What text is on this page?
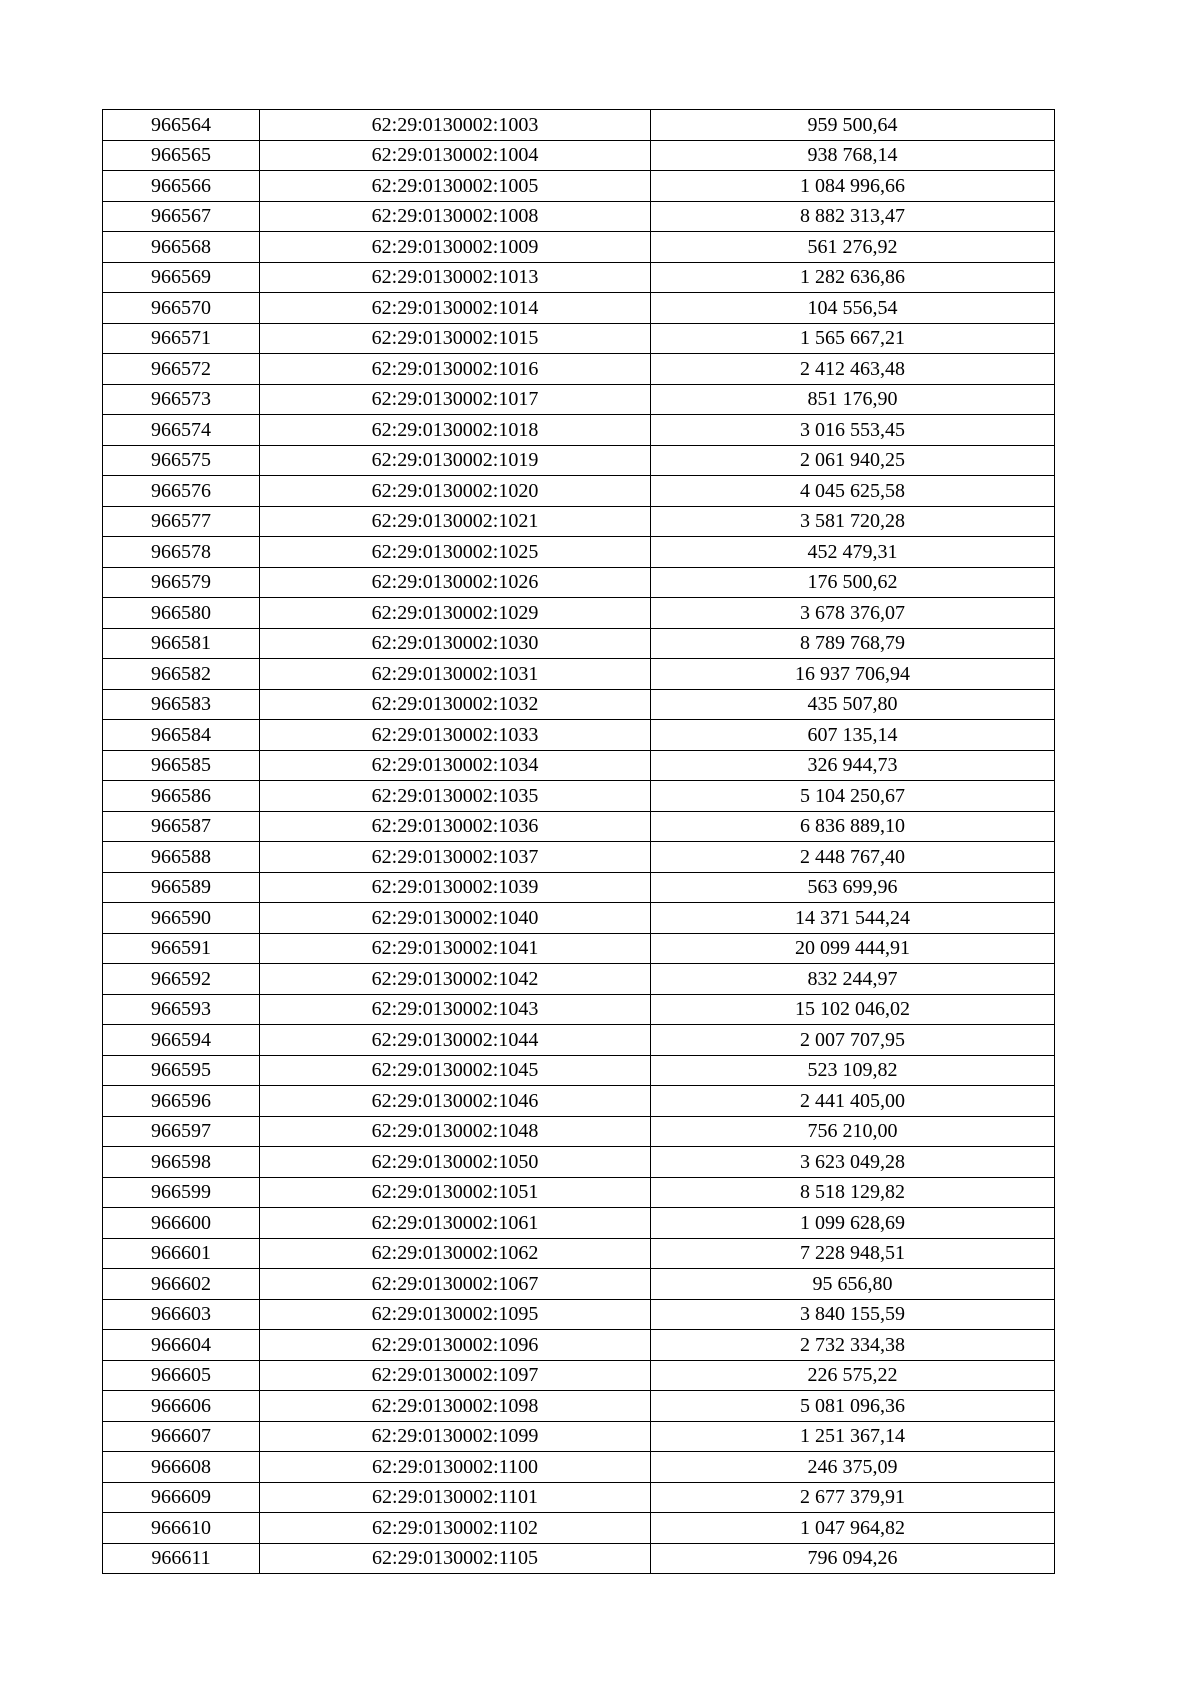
966564	62:29:0130002:1003	959 500,64
966565	62:29:0130002:1004	938 768,14
966566	62:29:0130002:1005	1 084 996,66
966567	62:29:0130002:1008	8 882 313,47
966568	62:29:0130002:1009	561 276,92
966569	62:29:0130002:1013	1 282 636,86
966570	62:29:0130002:1014	104 556,54
966571	62:29:0130002:1015	1 565 667,21
966572	62:29:0130002:1016	2 412 463,48
966573	62:29:0130002:1017	851 176,90
966574	62:29:0130002:1018	3 016 553,45
966575	62:29:0130002:1019	2 061 940,25
966576	62:29:0130002:1020	4 045 625,58
966577	62:29:0130002:1021	3 581 720,28
966578	62:29:0130002:1025	452 479,31
966579	62:29:0130002:1026	176 500,62
966580	62:29:0130002:1029	3 678 376,07
966581	62:29:0130002:1030	8 789 768,79
966582	62:29:0130002:1031	16 937 706,94
966583	62:29:0130002:1032	435 507,80
966584	62:29:0130002:1033	607 135,14
966585	62:29:0130002:1034	326 944,73
966586	62:29:0130002:1035	5 104 250,67
966587	62:29:0130002:1036	6 836 889,10
966588	62:29:0130002:1037	2 448 767,40
966589	62:29:0130002:1039	563 699,96
966590	62:29:0130002:1040	14 371 544,24
966591	62:29:0130002:1041	20 099 444,91
966592	62:29:0130002:1042	832 244,97
966593	62:29:0130002:1043	15 102 046,02
966594	62:29:0130002:1044	2 007 707,95
966595	62:29:0130002:1045	523 109,82
966596	62:29:0130002:1046	2 441 405,00
966597	62:29:0130002:1048	756 210,00
966598	62:29:0130002:1050	3 623 049,28
966599	62:29:0130002:1051	8 518 129,82
966600	62:29:0130002:1061	1 099 628,69
966601	62:29:0130002:1062	7 228 948,51
966602	62:29:0130002:1067	95 656,80
966603	62:29:0130002:1095	3 840 155,59
966604	62:29:0130002:1096	2 732 334,38
966605	62:29:0130002:1097	226 575,22
966606	62:29:0130002:1098	5 081 096,36
966607	62:29:0130002:1099	1 251 367,14
966608	62:29:0130002:1100	246 375,09
966609	62:29:0130002:1101	2 677 379,91
966610	62:29:0130002:1102	1 047 964,82
966611	62:29:0130002:1105	796 094,26
